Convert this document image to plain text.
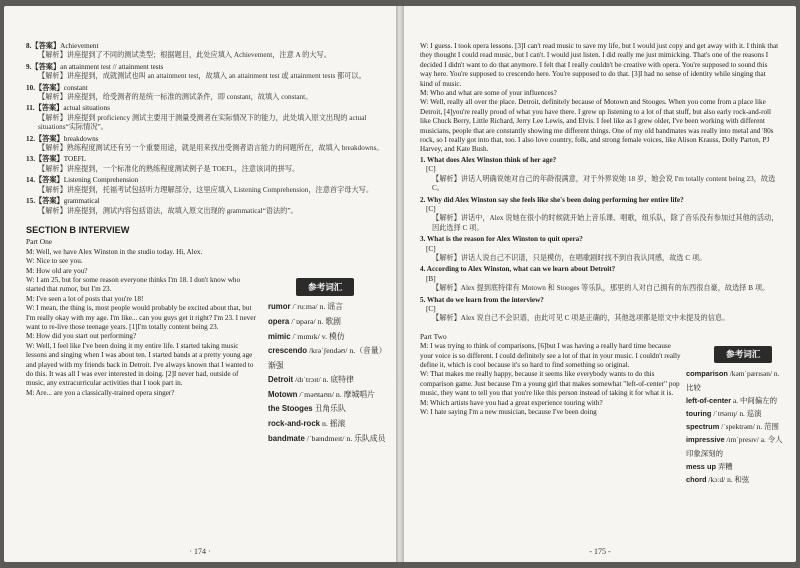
8.【答案】Achievement
【解析】讲座提到了不同的测试类型；根据题目，此处应填入 Achievement，注意 A 的大写。
9.【答案】an attainment test // attainment tests
【解析】讲座提到，成就测试也叫 an attainment test，故填入 an attainment test 或 attainment tests 都可以。
10.【答案】constant
【解析】讲座提到，给受测者的是统一标准的测试条件，即 constant，故填入 constant。
11.【答案】actual situations
【解析】讲座提到 proficiency 测试主要用于测量受测者在实际情况下的能力，此处填入原文出现的 actual situations“实际情况”。
12.【答案】breakdowns
【解析】熟练程度测试还有另一个重要用途，就是用来找出受测者语言能力的问题所在，故填入 breakdowns。
13.【答案】TOEFL
【解析】讲座提到，一个标准化的熟练程度测试例子是 TOEFL，注意该词的拼写。
14.【答案】Listening Comprehension
【解析】讲座提到，托福考试包括听力理解部分，这里应填入 Listening Comprehension，注意首字母大写。
15.【答案】grammatical
【解析】讲座提到，测试内容包括语法，故填入原文出现的 grammatical“语法的”。
SECTION B INTERVIEW
Part One

M: Well, we have Alex Winston in the studio today. Hi, Alex.

W: Nice to see you.

M: How old are you?

W: I am 25, but for some reason everyone thinks I'm 18. I don't know who started that rumor, but I'm 23.

M: I've seen a lot of posts that you're 18!

W: I mean, the thing is, most people would probably be excited about that, but I'm really okay with my age. I'm like... can you guys get it right? I'm 23. I never want to re-live those teenage years. [1]I'm totally content being 23.

M: How did you start out performing?

W: Well, I feel like I've been doing it my entire life. I started taking music lessons and singing when I was about ten. I started bands at a pretty young age and played with my friends back in Detroit. I've always known that I wanted to do this. It was all I was ever interested in doing. [2]I never had, outside of music, any extracurricular activities that I took part in.

M: Are... are you a classically-trained opera singer?

参考词汇
rumor /ˈruːmə/ n. 谣言
opera /ˈɒpərə/ n. 歌剧
mimic /ˈmɪmɪk/ v. 模仿
crescendo /krəˈʃendəʊ/ n.（音量）渐强
Detroit /dɪˈtrɔɪt/ n. 底特律
Motown /ˈməʊtaʊn/ n. 摩城唱片
the Stooges 丑角乐队
rock-and-rock n. 摇滚
bandmate /ˈbændmeɪt/ n. 乐队成员
· 174 ·

W: I guess. I took opera lessons. [3]I can't read music to save my life, but I would just copy and get away with it. I think that they thought I could read music, but I can't. I would just listen. I did really me just mimicking. That's one of the reasons I decided I didn't want to do that anymore. I felt that I really couldn't be creative with opera. You're supposed to sound this way here. You're supposed to crescendo here. You're supposed to do that. [3]I had no sense of identity while singing that kind of music.

M: Who and what are some of your influences?

W: Well, really all over the place. Detroit, definitely because of Motown and Stooges. When you come from a place like Detroit, [4]you're really proud of what you have there. I grew up listening to a lot of that stuff, but also early rock-and-roll like Chuck Berry, Little Richard, Jerry Lee Lewis, and Elvis. I feel like as I grew older, I've been working with different musicians, people that are constantly showing me different things. One of my old bandmates was really into metal and '80s rock, so I really got into that, too. I also love country, folk, and strong female voices, like Alison Krauss, Dolly Parton, PJ Harvey, and Kate Bush.

1. What does Alex Winston think of her age?

[C]

【解析】讲话人明确说她对自己的年龄很满意，对于外界说她 18 岁，她会说 I'm totally content being 23，故选 C。

2. Why did Alex Winston say she feels like she's been doing performing her entire life?

[C]

【解析】讲话中，Alex 说她在很小的时候就开始上音乐课、唱歌，组乐队，除了音乐没有参加过其他的活动，因此选择 C 项。

3. What is the reason for Alex Winston to quit opera?

[C]

【解析】讲话人说自己不识谱，只是模仿，在唱歌剧时找不到自我认同感，故选 C 项。

4. According to Alex Winston, what can we learn about Detroit?

[B]

【解析】Alex 提到底特律有 Motown 和 Stooges 等乐队，那里的人对自己拥有的东西很自豪，故选择 B 项。

5. What do we learn from the interview?

[C]

【解析】Alex 说自己不会识谱，由此可见 C 项是正确的，其他选项都是原文中未提及的信息。

Part Two

M: I was trying to think of comparisons, [6]but I was having a really hard time because your voice is so different. I could definitely see a lot of that in your music. I couldn't really define it, which is cool because it's so hard to find something so original.

W: That makes me really happy, because it seems like everybody wants to do this comparison game. Just because I'm a young girl that makes somewhat "left-of-center" pop music, they want to tell you that you're like this person instead of taking it for what it is.

M: Which artists have you had a great experience touring with?

W: I hate saying I'm a new musician, because I've been doing

参考词汇
comparison /kəmˈpærɪsən/ n. 比较
left-of-center a. 中间偏左的
touring /ˈtʊərɪŋ/ n. 巡演
spectrum /ˈspektrəm/ n. 范围
impressive /ɪmˈpresɪv/ a. 令人印象深刻的
mess up 弄糟
chord /kɔːd/ n. 和弦
- 175 -
